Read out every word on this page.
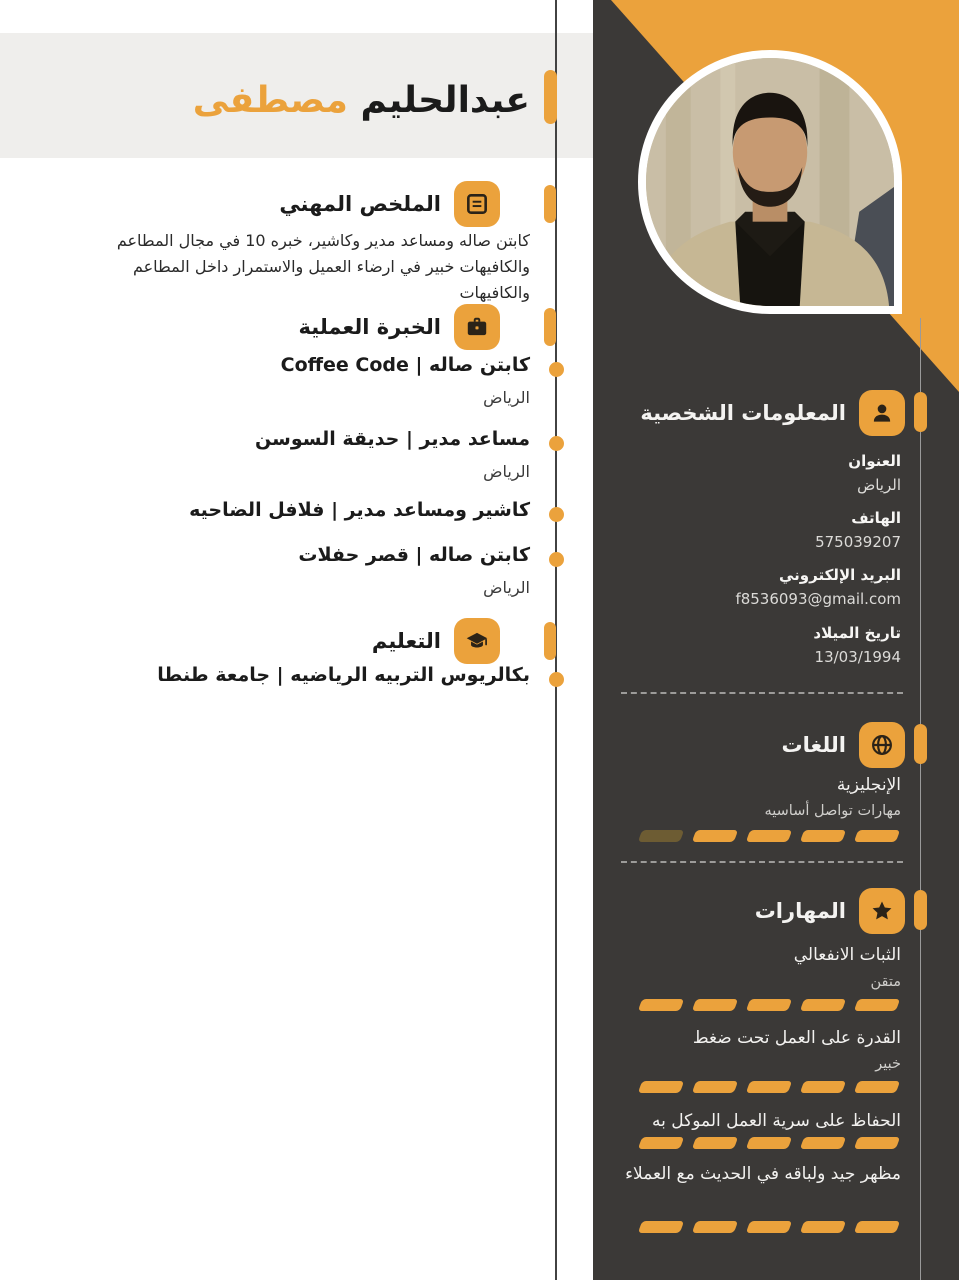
عبدالحليم مصطفى
الملخص المهني

كابتن صاله ومساعد مدير وكاشير، خبره 10 في مجال المطاعم والكافيهات خبير في ارضاء العميل والاستمرار داخل المطاعم والكافيهات

الخبرة العملية
كابتن صاله | Coffee Code
الرياض
مساعد مدير | حديقة السوسن
الرياض
كاشير ومساعد مدير | فلافل الضاحيه
كابتن صاله | قصر حفلات
الرياض
التعليم
بكالريوس التربيه الرياضيه | جامعة طنطا
المعلومات الشخصية
العنوان
الرياض
الهاتف
575039207
البريد الإلكتروني
f8536093@gmail.com
تاريخ الميلاد
13/03/1994
اللغات
الإنجليزية
مهارات تواصل أساسيه
المهارات
الثبات الانفعالي
متقن
القدرة على العمل تحت ضغط
خبير
الحفاظ على سرية العمل الموكل به
مظهر جيد ولباقه في الحديث مع العملاء
